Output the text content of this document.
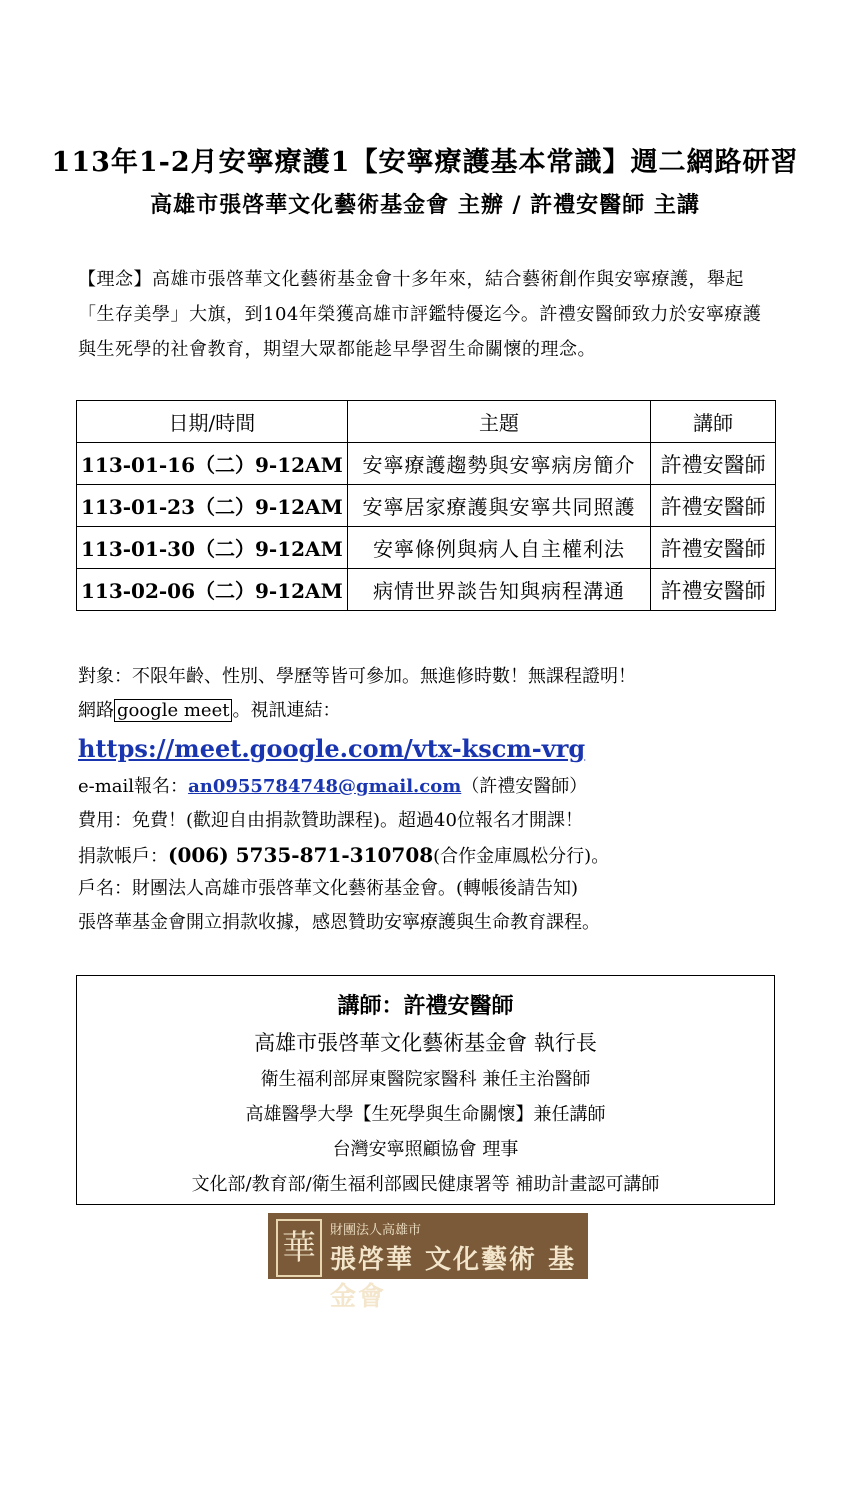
113年1-2月安寧療護1【安寧療護基本常識】週二網路研習
高雄市張啓華文化藝術基金會 主辦 / 許禮安醫師 主講
【理念】高雄市張啓華文化藝術基金會十多年來，結合藝術創作與安寧療護，舉起「生存美學」大旗，到104年榮獲高雄市評鑑特優迄今。許禮安醫師致力於安寧療護與生死學的社會教育，期望大眾都能趁早學習生命關懷的理念。
日期/時間	主題	講師
113-01-16（二）9-12AM	安寧療護趨勢與安寧病房簡介	許禮安醫師
113-01-23（二）9-12AM	安寧居家療護與安寧共同照護	許禮安醫師
113-01-30（二）9-12AM	安寧條例與病人自主權利法	許禮安醫師
113-02-06（二）9-12AM	病情世界談告知與病程溝通	許禮安醫師
對象：不限年齡、性別、學歷等皆可參加。無進修時數！無課程證明！
網路 google meet 。視訊連結：
https://meet.google.com/vtx-kscm-vrg
e-mail報名：an0955784748@gmail.com（許禮安醫師）
費用：免費！(歡迎自由捐款贊助課程)。超過40位報名才開課！
捐款帳戶：(006) 5735-871-310708(合作金庫鳳松分行)。
戶名：財團法人高雄市張啓華文化藝術基金會。(轉帳後請告知)
張啓華基金會開立捐款收據，感恩贊助安寧療護與生命教育課程。
講師：許禮安醫師
高雄市張啓華文化藝術基金會 執行長
衛生福利部屏東醫院家醫科 兼任主治醫師
高雄醫學大學【生死學與生命關懷】兼任講師
台灣安寧照顧協會 理事
文化部/教育部/衛生福利部國民健康署等 補助計畫認可講師
華	財團法人高雄市
張啓華 文化藝術 基金會
